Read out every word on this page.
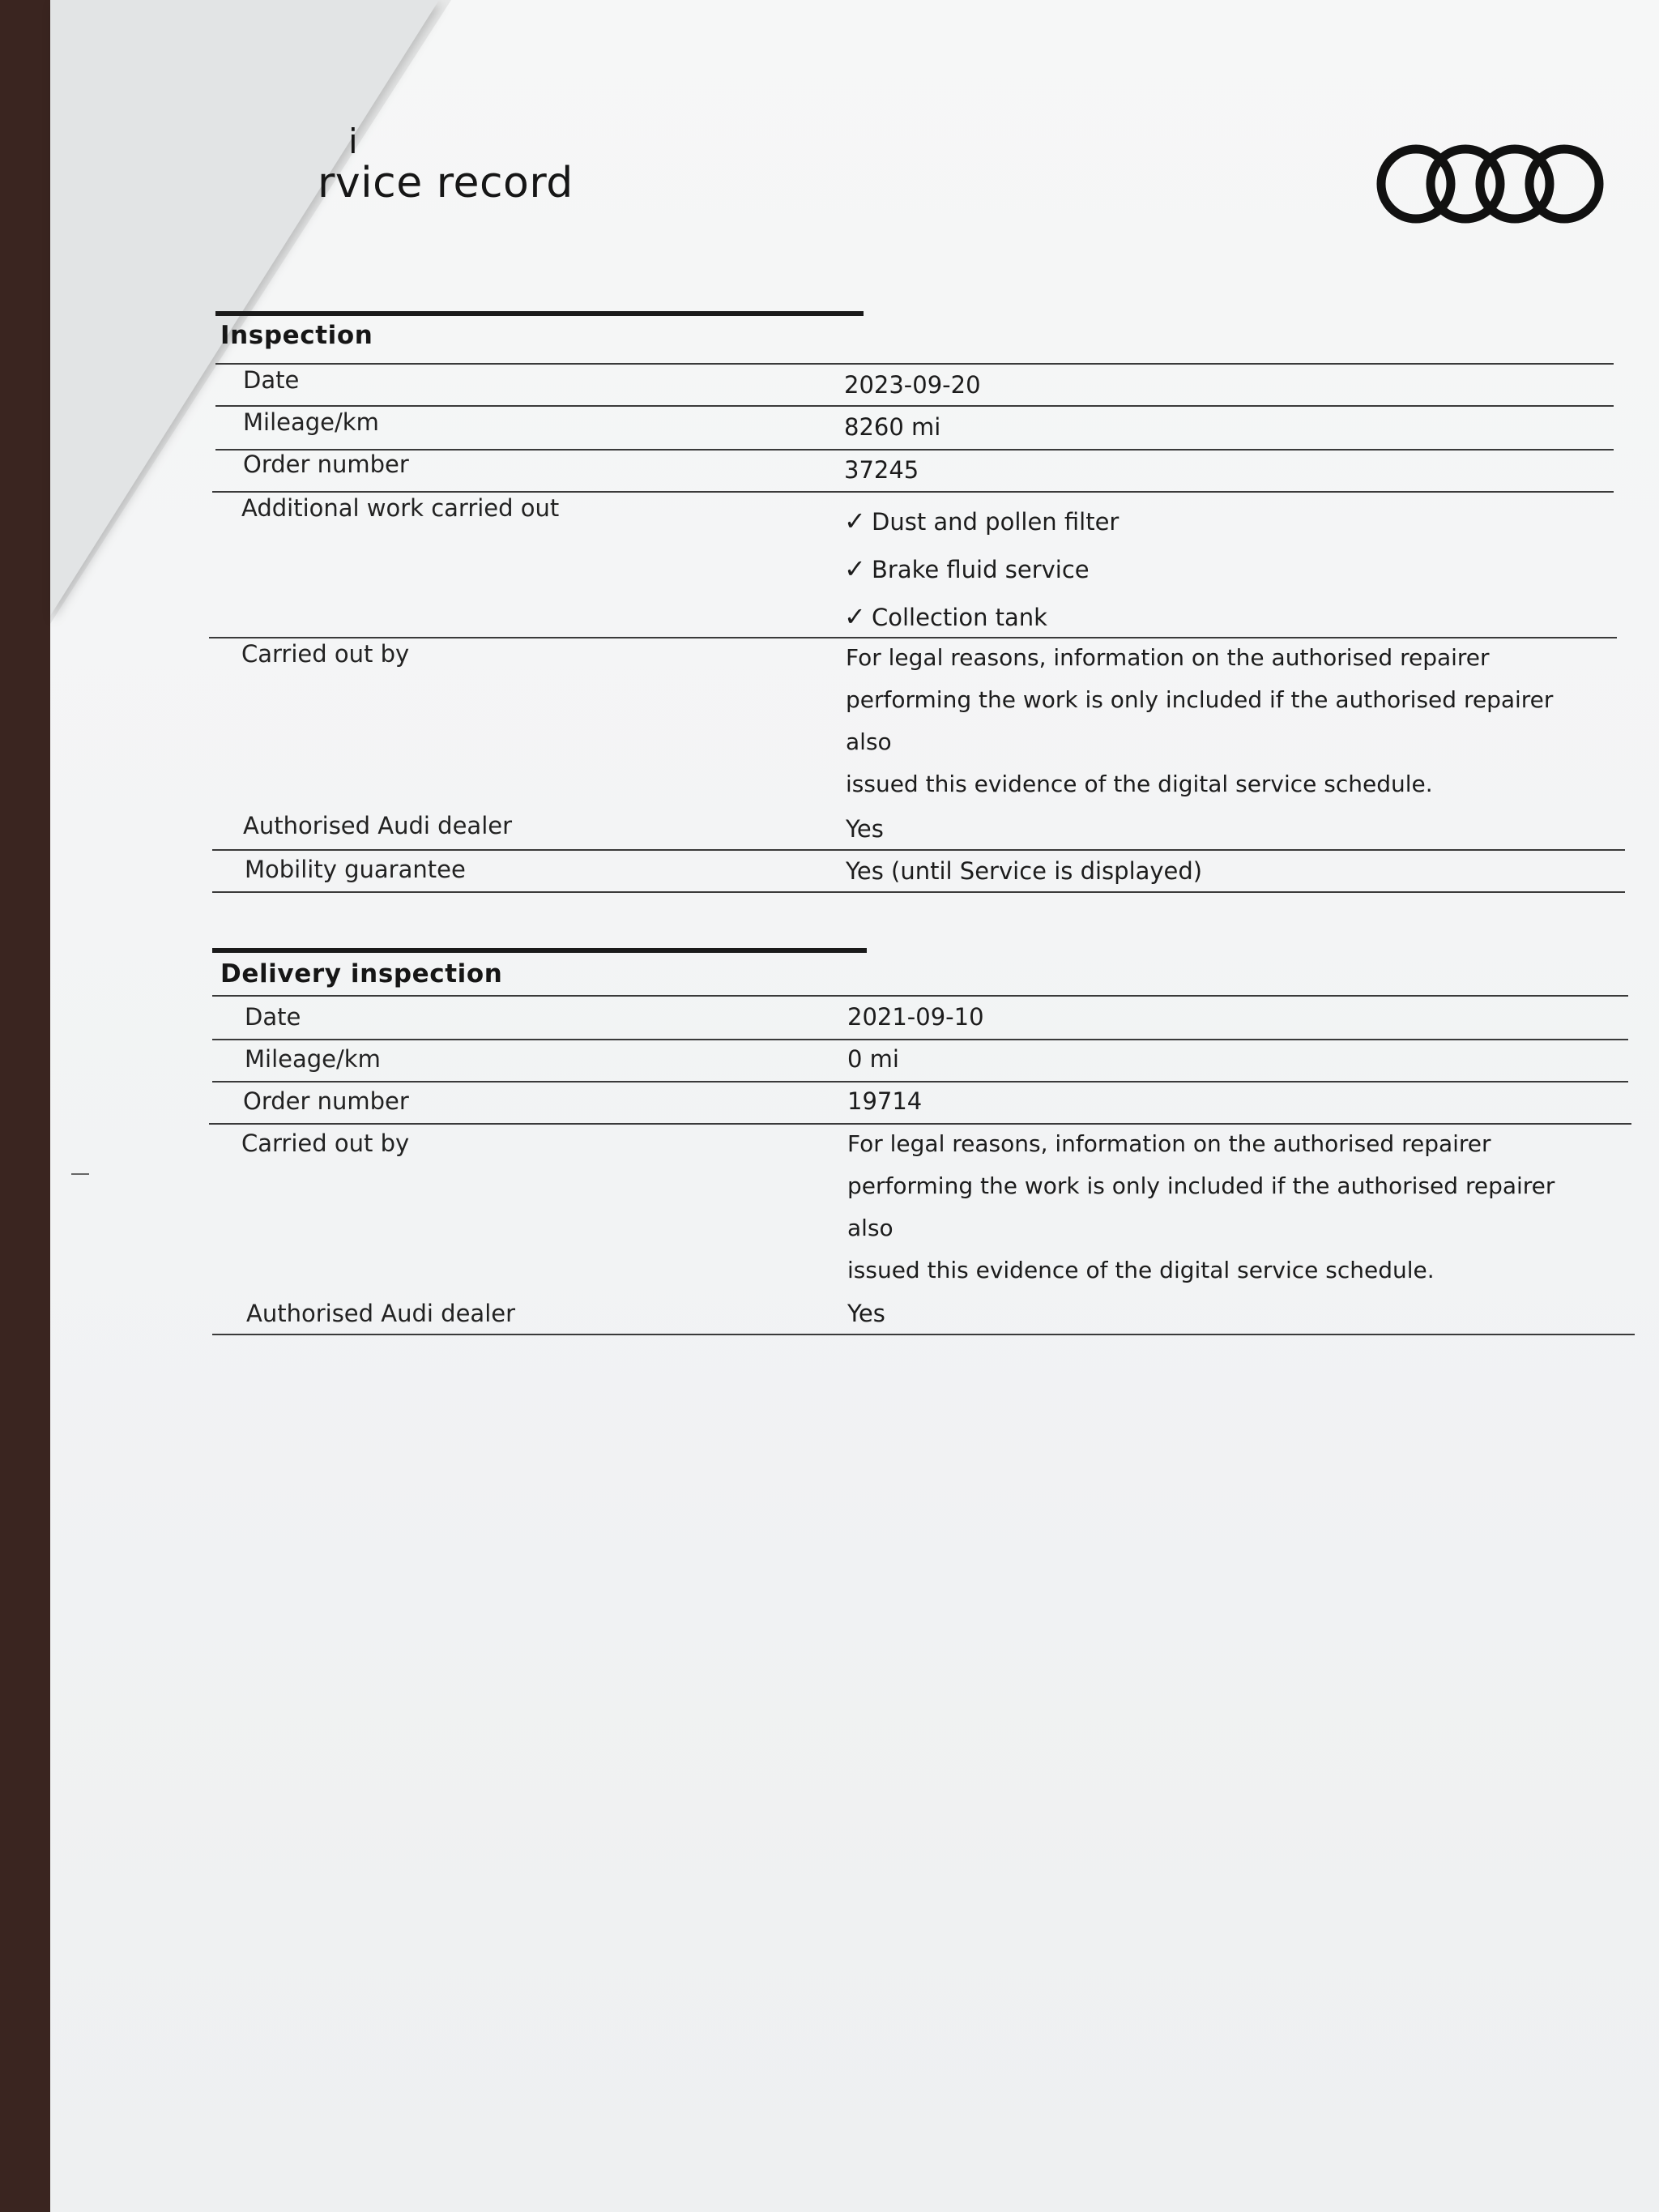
i
rvice record
Inspection
Date	2023-09-20
Mileage/km	8260 mi
Order number	37245
Additional work carried out	✓ Dust and pollen filter
✓ Brake fluid service
✓ Collection tank
Carried out by	For legal reasons, information on the authorised repairer
performing the work is only included if the authorised repairer also
issued this evidence of the digital service schedule.
Authorised Audi dealer	Yes
Mobility guarantee	Yes (until Service is displayed)
Delivery inspection
Date	2021-09-10
Mileage/km	0 mi
Order number	19714
Carried out by	For legal reasons, information on the authorised repairer
performing the work is only included if the authorised repairer also
issued this evidence of the digital service schedule.
Authorised Audi dealer	Yes
